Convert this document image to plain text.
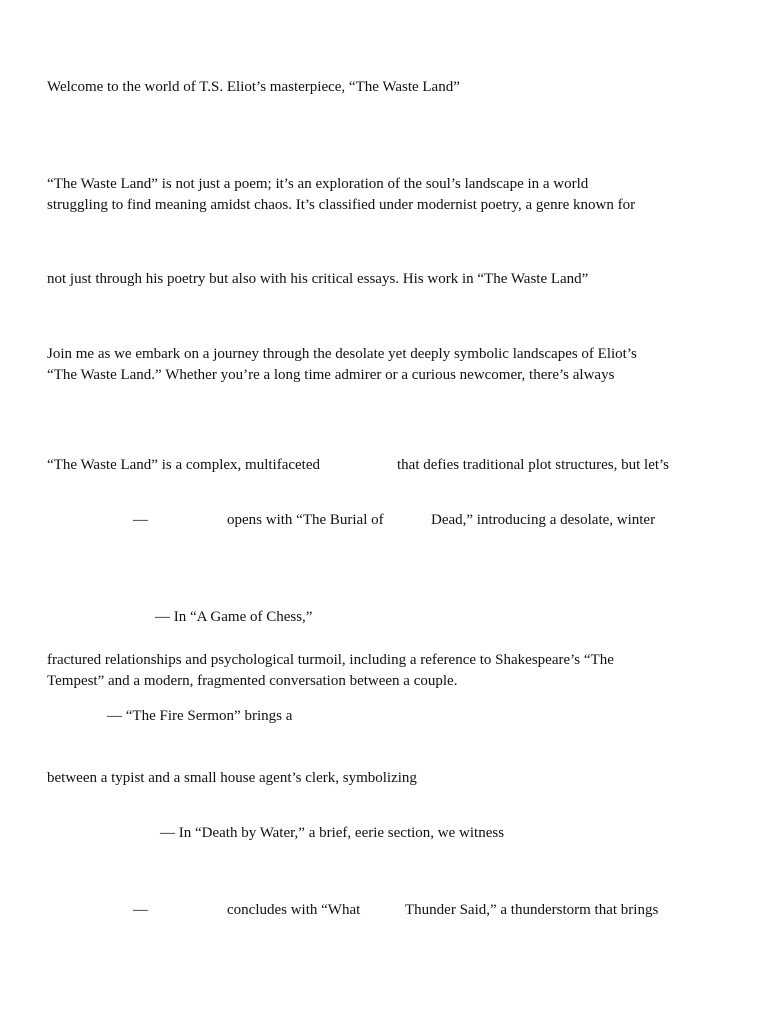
Welcome to the world of T.S. Eliot’s masterpiece, “The Waste Land”
“The Waste Land” is not just a poem; it’s an exploration of the soul’s landscape in a world
struggling to find meaning amidst chaos. It’s classified under modernist poetry, a genre known for
not just through his poetry but also with his critical essays. His work in “The Waste Land”
Join me as we embark on a journey through the desolate yet deeply symbolic landscapes of Eliot’s
“The Waste Land.” Whether you’re a long time admirer or a curious newcomer, there’s always
“The Waste Land” is a complex, multifaceted	that defies traditional plot structures, but let’s
—	opens with “The Burial of	Dead,” introducing a desolate, winter
— In “A Game of Chess,”
fractured relationships and psychological turmoil, including a reference to Shakespeare’s “The
Tempest” and a modern, fragmented conversation between a couple.
— “The Fire Sermon” brings a
between a typist and a small house agent’s clerk, symbolizing
— In “Death by Water,” a brief, eerie section, we witness
—	concludes with “What	Thunder Said,” a thunderstorm that brings
